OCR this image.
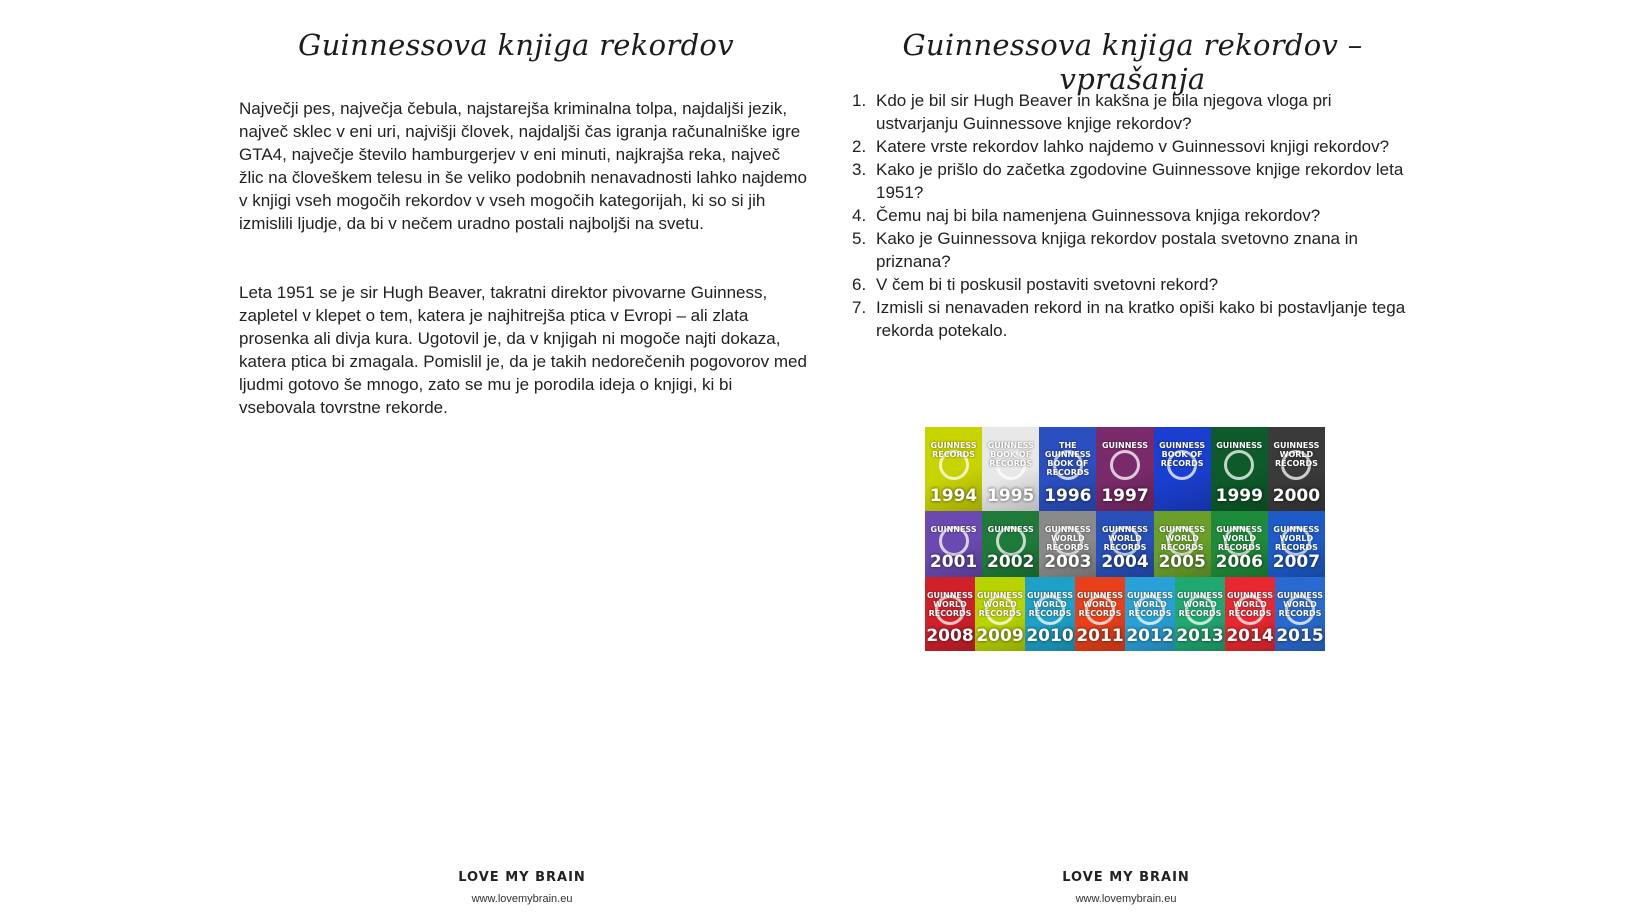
Guinnessova knjiga rekordov

Največji pes, največja čebula, najstarejša kriminalna tolpa, najdaljši jezik, največ sklec v eni uri, najvišji človek, najdaljši čas igranja računalniške igre GTA4, največje število hamburgerjev v eni minuti, najkrajša reka, največ žlic na človeškem telesu in še veliko podobnih nenavadnosti lahko najdemo v knjigi vseh mogočih rekordov v vseh mogočih kategorijah, ki so si jih izmislili ljudje, da bi v nečem uradno postali najboljši na svetu.

Leta 1951 se je sir Hugh Beaver, takratni direktor pivovarne Guinness, zapletel v klepet o tem, katera je najhitrejša ptica v Evropi – ali zlata prosenka ali divja kura. Ugotovil je, da v knjigah ni mogoče najti dokaza, katera ptica bi zmagala. Pomislil je, da je takih nedorečenih pogovorov med ljudmi gotovo še mnogo, zato se mu je porodila ideja o knjigi, ki bi vsebovala tovrstne rekorde.

Guinnessova knjiga rekordov – vprašanja
1. Kdo je bil sir Hugh Beaver in kakšna je bila njegova vloga pri ustvarjanju Guinnessove knjige rekordov?
2. Katere vrste rekordov lahko najdemo v Guinnessovi knjigi rekordov?
3. Kako je prišlo do začetka zgodovine Guinnessove knjige rekordov leta 1951?
4. Čemu naj bi bila namenjena Guinnessova knjiga rekordov?
5. Kako je Guinnessova knjiga rekordov postala svetovno znana in priznana?
6. V čem bi ti poskusil postaviti svetovni rekord?
7. Izmisli si nenavaden rekord in na kratko opiši kako bi postavljanje tega rekorda potekalo.
GUINNESS RECORDS
1994
GUINNESS BOOK OF RECORDS
1995
THE GUINNESS BOOK OF RECORDS
1996
GUINNESS
1997
GUINNESS BOOK OF RECORDS
GUINNESS
1999
GUINNESS WORLD RECORDS
2000
GUINNESS
2001
GUINNESS
2002
GUINNESS WORLD RECORDS
2003
GUINNESS WORLD RECORDS
2004
GUINNESS WORLD RECORDS
2005
GUINNESS WORLD RECORDS
2006
GUINNESS WORLD RECORDS
2007
GUINNESS WORLD RECORDS
2008
GUINNESS WORLD RECORDS
2009
GUINNESS WORLD RECORDS
2010
GUINNESS WORLD RECORDS
2011
GUINNESS WORLD RECORDS
2012
GUINNESS WORLD RECORDS
2013
GUINNESS WORLD RECORDS
2014
GUINNESS WORLD RECORDS
2015
LOVE MY BRAIN
www.lovemybrain.eu
LOVE MY BRAIN
www.lovemybrain.eu
